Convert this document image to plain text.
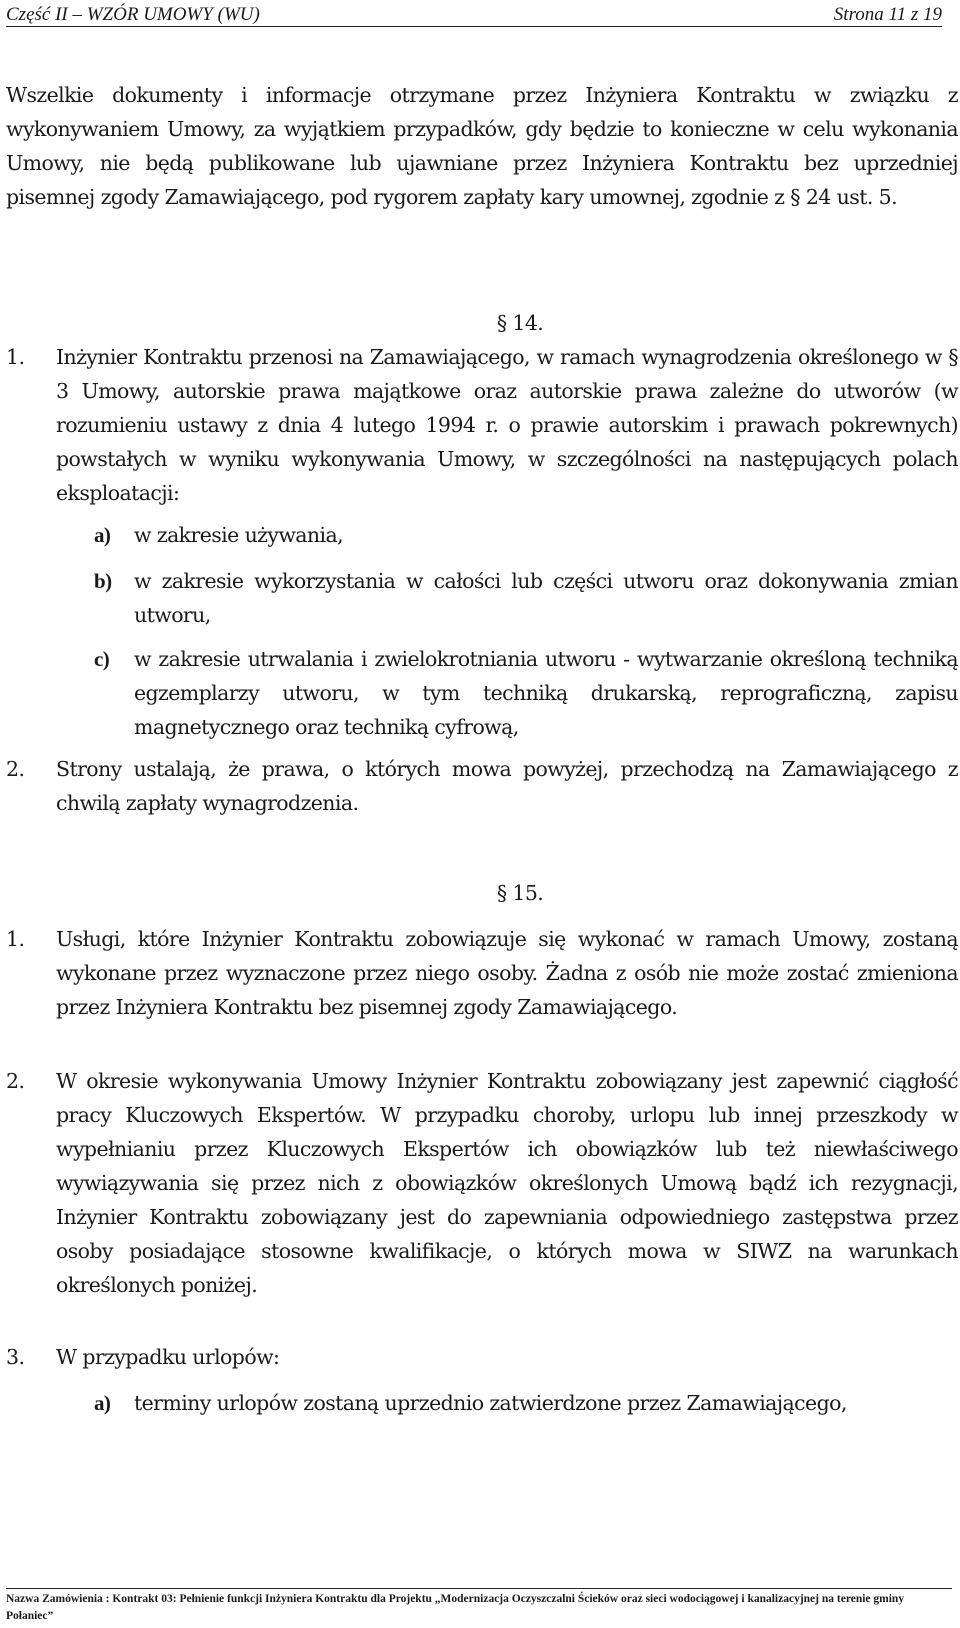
Część II – WZÓR UMOWY (WU)	Strona 11 z 19

Wszelkie dokumenty i informacje otrzymane przez Inżyniera Kontraktu w związku z wykonywaniem Umowy, za wyjątkiem przypadków, gdy będzie to konieczne w celu wykonania Umowy, nie będą publikowane lub ujawniane przez Inżyniera Kontraktu bez uprzedniej pisemnej zgody Zamawiającego, pod rygorem zapłaty kary umownej, zgodnie z § 24 ust. 5.

§ 14.
1.	Inżynier Kontraktu przenosi na Zamawiającego, w ramach wynagrodzenia określonego w § 3 Umowy, autorskie prawa majątkowe oraz autorskie prawa zależne do utworów (w rozumieniu ustawy z dnia 4 lutego 1994 r. o prawie autorskim i prawach pokrewnych) powstałych w wyniku wykonywania Umowy, w szczególności na następujących polach eksploatacji:

a)	w zakresie używania,

b)	w zakresie wykorzystania w całości lub części utworu oraz dokonywania zmian utworu,

c)	w zakresie utrwalania i zwielokrotniania utworu - wytwarzanie określoną techniką egzemplarzy utworu, w tym techniką drukarską, reprograficzną, zapisu magnetycznego oraz techniką cyfrową,

2.	Strony ustalają, że prawa, o których mowa powyżej, przechodzą na Zamawiającego z chwilą zapłaty wynagrodzenia.

§ 15.
1.	Usługi, które Inżynier Kontraktu zobowiązuje się wykonać w ramach Umowy, zostaną wykonane przez wyznaczone przez niego osoby. Żadna z osób nie może zostać zmieniona przez Inżyniera Kontraktu bez pisemnej zgody Zamawiającego.

2.	W okresie wykonywania Umowy Inżynier Kontraktu zobowiązany jest zapewnić ciągłość pracy Kluczowych Ekspertów. W przypadku choroby, urlopu lub innej przeszkody w wypełnianiu przez Kluczowych Ekspertów ich obowiązków lub też niewłaściwego wywiązywania się przez nich z obowiązków określonych Umową bądź ich rezygnacji, Inżynier Kontraktu zobowiązany jest do zapewniania odpowiedniego zastępstwa przez osoby posiadające stosowne kwalifikacje, o których mowa w SIWZ na warunkach określonych poniżej.

3.	W przypadku urlopów:

a)	terminy urlopów zostaną uprzednio zatwierdzone przez Zamawiającego,

Nazwa Zamówienia : Kontrakt 03: Pełnienie funkcji Inżyniera Kontraktu dla Projektu „Modernizacja Oczyszczalni Ścieków oraz sieci wodociągowej i kanalizacyjnej na terenie gminy Połaniec”
